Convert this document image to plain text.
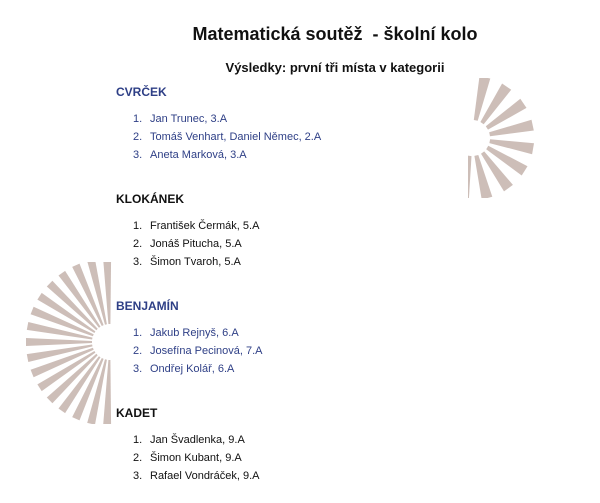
Matematická soutěž  - školní kolo
Výsledky: první tři místa v kategorii
CVRČEK
1. Jan Trunec, 3.A
2. Tomáš Venhart, Daniel Němec, 2.A
3. Aneta Marková, 3.A
KLOKÁNEK
1. František Čermák, 5.A
2. Jonáš Pitucha, 5.A
3. Šimon Tvaroh, 5.A
BENJAMÍN
1. Jakub Rejnyš, 6.A
2. Josefína Pecinová, 7.A
3. Ondřej Kolář, 6.A
KADET
1. Jan Švadlenka, 9.A
2. Šimon Kubant, 9.A
3. Rafael Vondráček, 9.A
